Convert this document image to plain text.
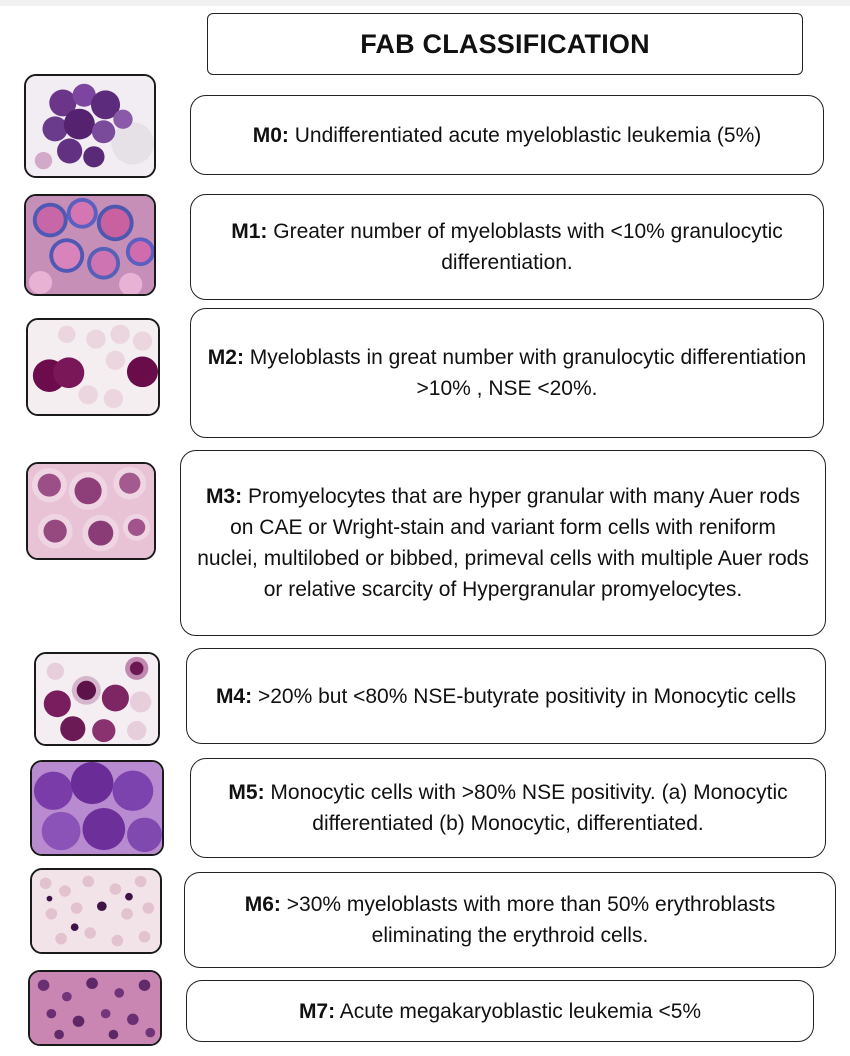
FAB CLASSIFICATION

M0: Undifferentiated acute myeloblastic leukemia (5%)

M1: Greater number of myeloblasts with <10% granulocytic differentiation.

M2: Myeloblasts in great number with granulocytic differentiation >10% , NSE <20%.

M3: Promyelocytes that are hyper granular with many Auer rods on CAE or Wright-stain and variant form cells with reniform nuclei, multilobed or bibbed, primeval cells with multiple Auer rods or relative scarcity of Hypergranular promyelocytes.

M4: >20% but <80% NSE-butyrate positivity in Monocytic cells

M5: Monocytic cells with >80% NSE positivity. (a) Monocytic differentiated (b) Monocytic, differentiated.

M6: >30% myeloblasts with more than 50% erythroblasts eliminating the erythroid cells.

M7: Acute megakaryoblastic leukemia <5%
